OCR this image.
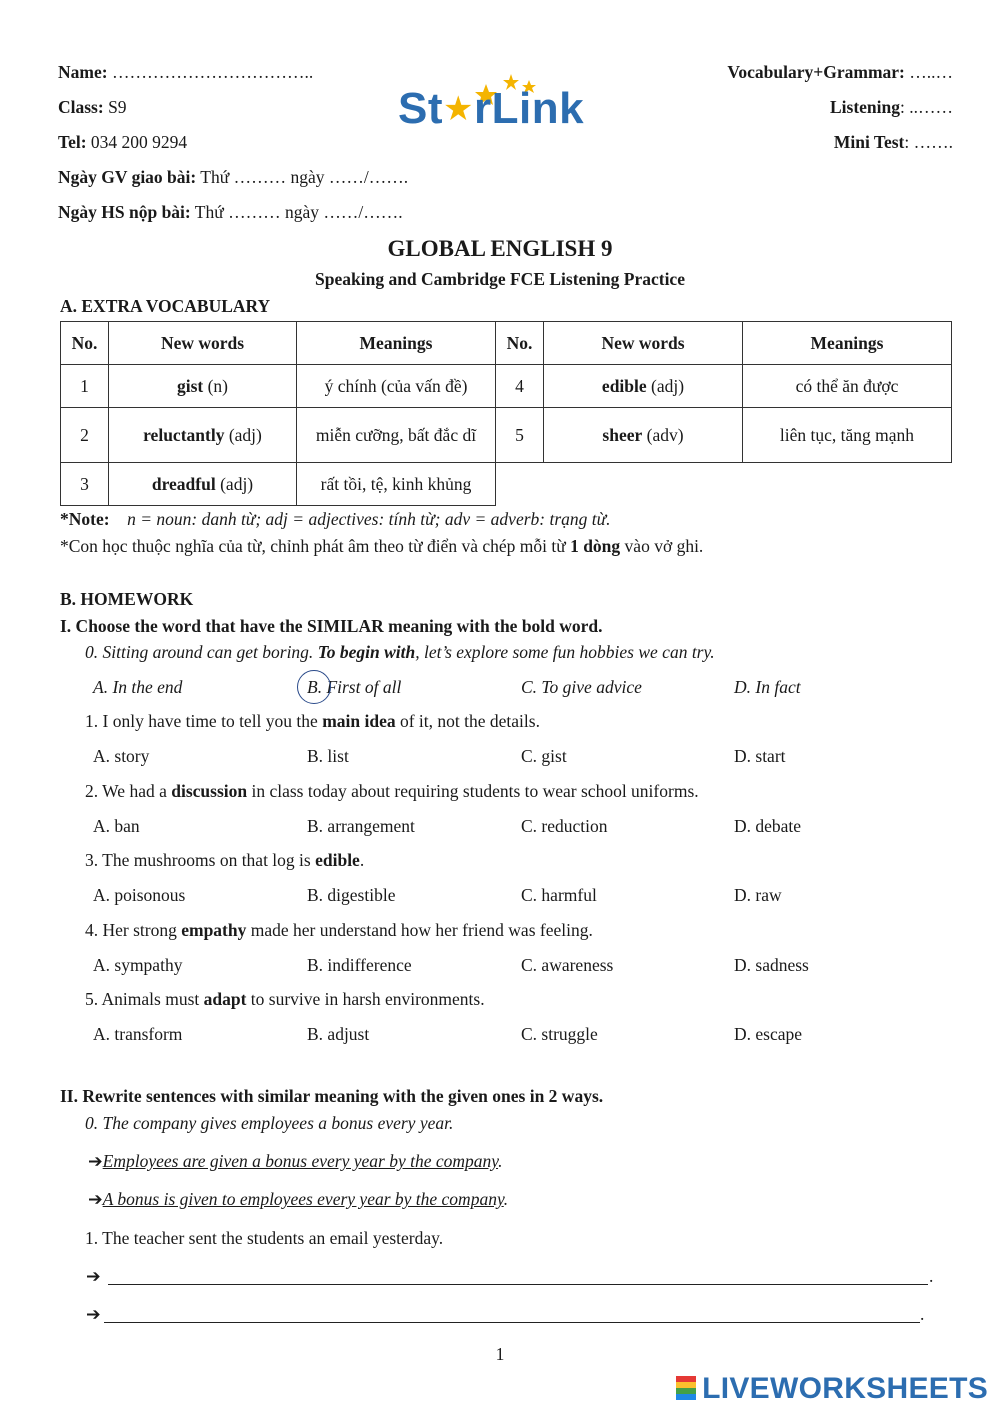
Name: ……………………………..
Class: S9
Tel: 034 200 9294
Ngày GV giao bài: Thứ ……… ngày ……/…….
Ngày HS nộp bài: Thứ ……… ngày ……/…….
Vocabulary+Grammar: …..…
Listening: ..……
Mini Test: …….
St★rLink
GLOBAL ENGLISH 9
Speaking and Cambridge FCE Listening Practice
A. EXTRA VOCABULARY
No.	New words	Meanings	No.	New words	Meanings
1	gist (n)	ý chính (của vấn đề)	4	edible (adj)	có thể ăn được
2	reluctantly (adj)	miễn cưỡng, bất đắc dĩ	5	sheer (adv)	liên tục, tăng mạnh
3	dreadful (adj)	rất tồi, tệ, kinh khủng			
*Note: n = noun: danh từ; adj = adjectives: tính từ; adv = adverb: trạng từ.
*Con học thuộc nghĩa của từ, chỉnh phát âm theo từ điển và chép mỗi từ 1 dòng vào vở ghi.
B. HOMEWORK
I. Choose the word that have the SIMILAR meaning with the bold word.
0. Sitting around can get boring. To begin with, let’s explore some fun hobbies we can try.
A. In the end	B. First of all	C. To give advice	D. In fact
1. I only have time to tell you the main idea of it, not the details.
A. story	B. list	C. gist	D. start
2. We had a discussion in class today about requiring students to wear school uniforms.
A. ban	B. arrangement	C. reduction	D. debate
3. The mushrooms on that log is edible.
A. poisonous	B. digestible	C. harmful	D. raw
4. Her strong empathy made her understand how her friend was feeling.
A. sympathy	B. indifference	C. awareness	D. sadness
5. Animals must adapt to survive in harsh environments.
A. transform	B. adjust	C. struggle	D. escape
II. Rewrite sentences with similar meaning with the given ones in 2 ways.
0. The company gives employees a bonus every year.
➔Employees are given a bonus every year by the company.
➔A bonus is given to employees every year by the company.
1. The teacher sent the students an email yesterday.
➔	.
➔	.
1
LIVEWORKSHEETS
